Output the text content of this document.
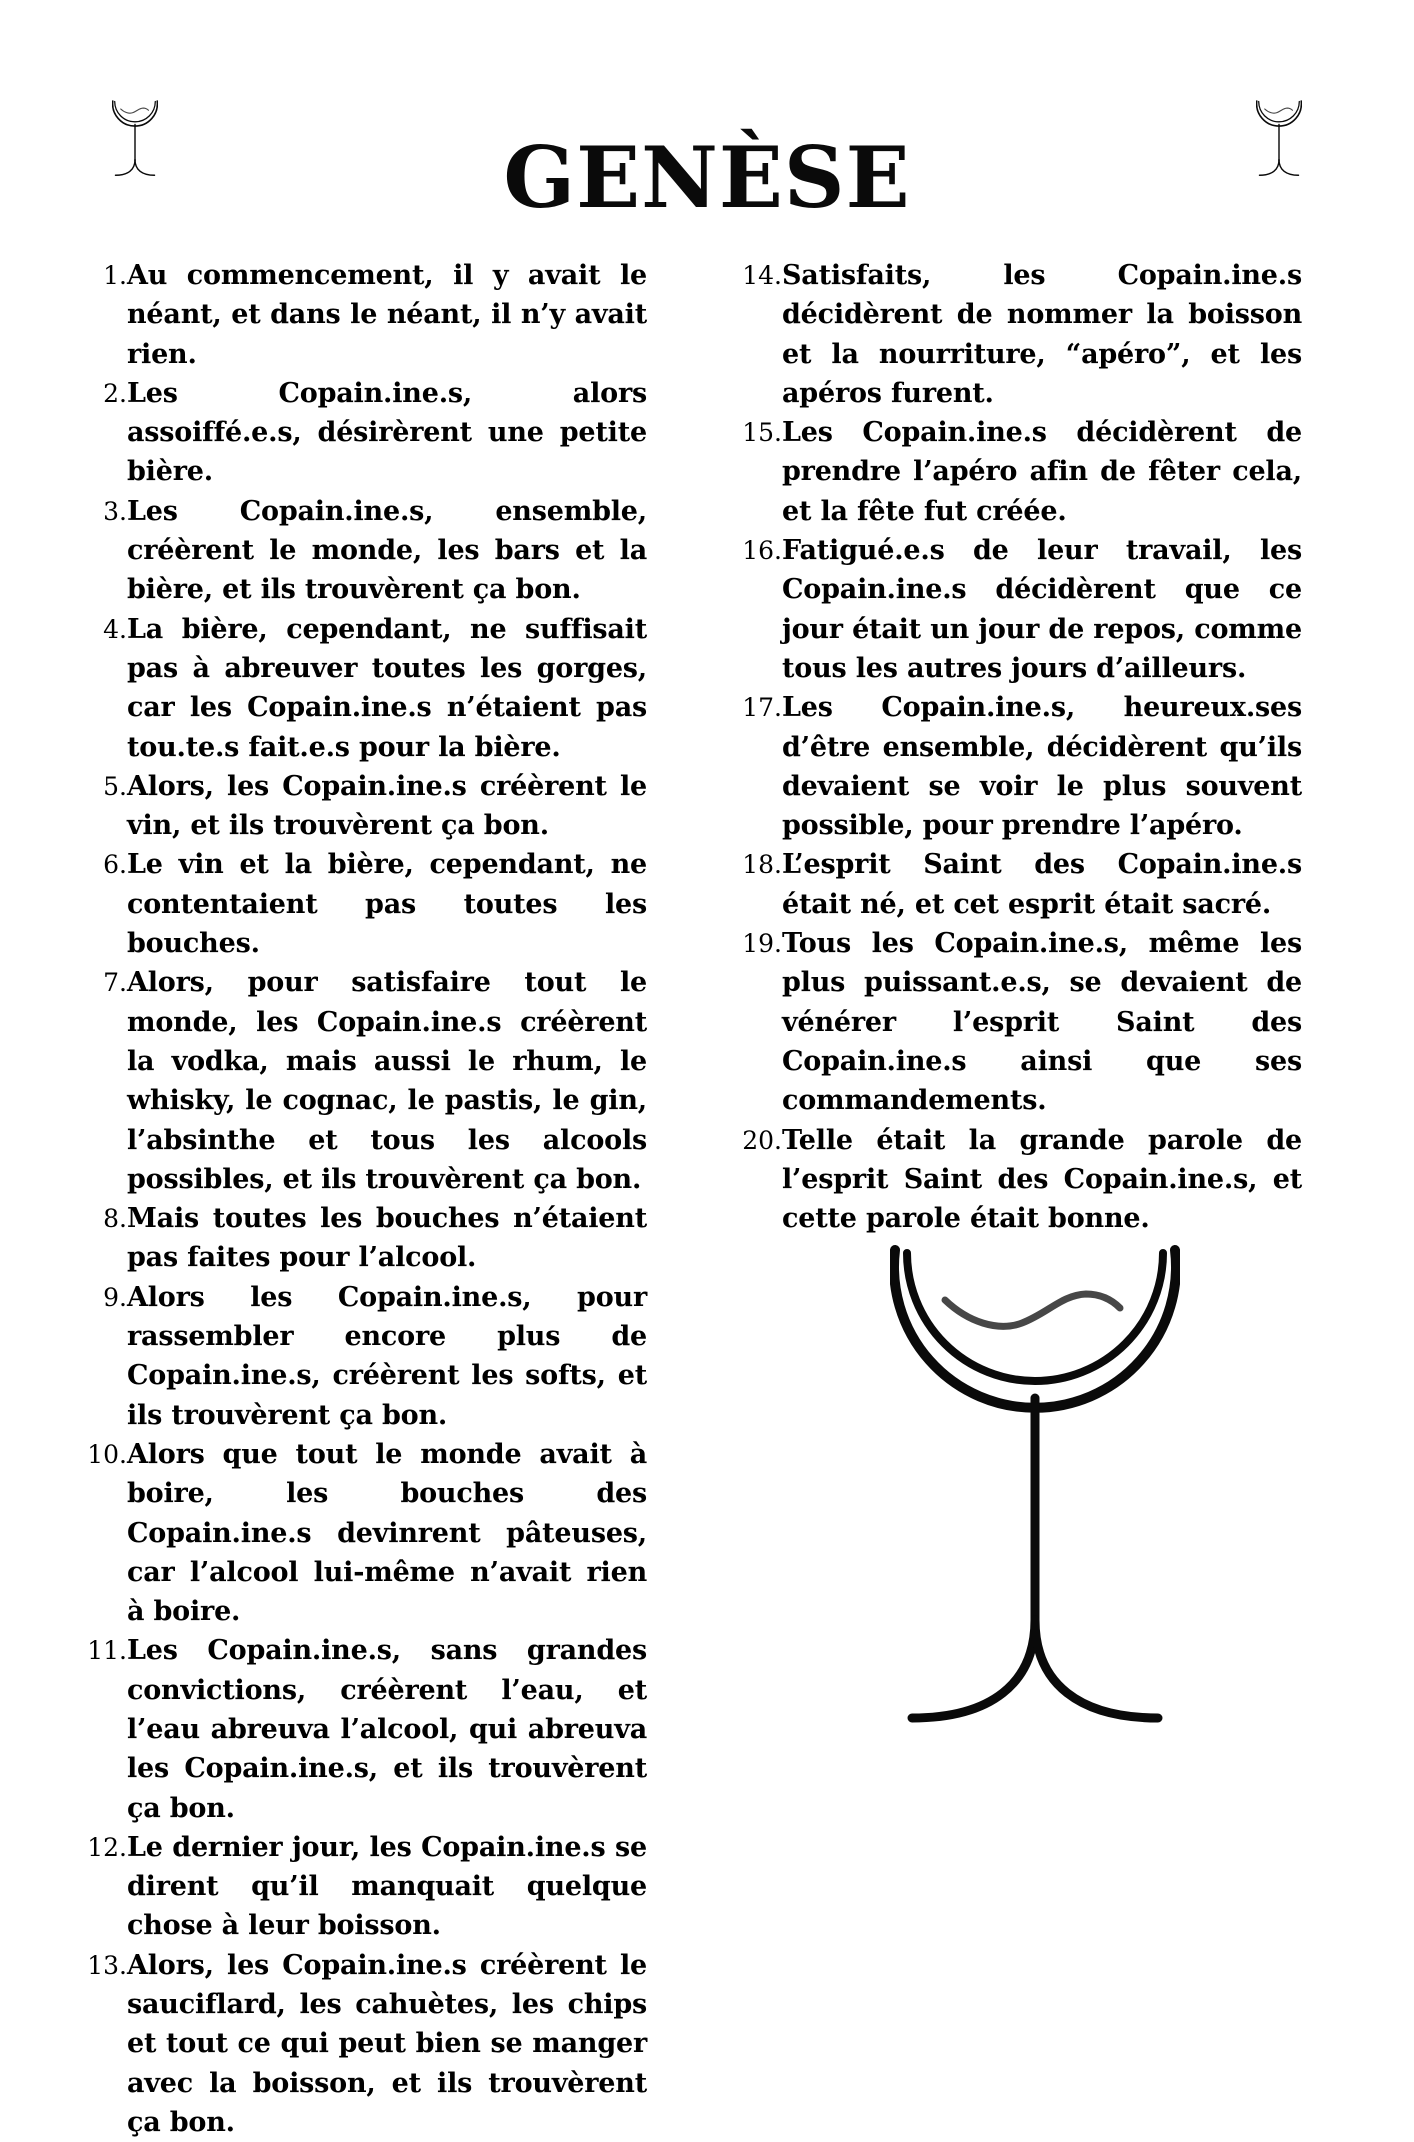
GENÈSE
1. Au commencement, il y avait le néant, et dans le néant, il n’y avait rien.
2. Les Copain.ine.s, alors assoiffé.e.s, désirèrent une petite bière.
3. Les Copain.ine.s, ensemble, créèrent le monde, les bars et la bière, et ils trouvèrent ça bon.
4. La bière, cependant, ne suffisait pas à abreuver toutes les gorges, car les Copain.ine.s n’étaient pas tou.te.s fait.e.s pour la bière.
5. Alors, les Copain.ine.s créèrent le vin, et ils trouvèrent ça bon.
6. Le vin et la bière, cependant, ne contentaient pas toutes les bouches.
7. Alors, pour satisfaire tout le monde, les Copain.ine.s créèrent la vodka, mais aussi le rhum, le whisky, le cognac, le pastis, le gin, l’absinthe et tous les alcools possibles, et ils trouvèrent ça bon.
8. Mais toutes les bouches n’étaient pas faites pour l’alcool.
9. Alors les Copain.ine.s, pour rassembler encore plus de Copain.ine.s, créèrent les softs, et ils trouvèrent ça bon.
10. Alors que tout le monde avait à boire, les bouches des Copain.ine.s devinrent pâteuses, car l’alcool lui-même n’avait rien à boire.
11. Les Copain.ine.s, sans grandes convictions, créèrent l’eau, et l’eau abreuva l’alcool, qui abreuva les Copain.ine.s, et ils trouvèrent ça bon.
12. Le dernier jour, les Copain.ine.s se dirent qu’il manquait quelque chose à leur boisson.
13. Alors, les Copain.ine.s créèrent le sauciflard, les cahuètes, les chips et tout ce qui peut bien se manger avec la boisson, et ils trouvèrent ça bon.
14. Satisfaits, les Copain.ine.s décidèrent de nommer la boisson et la nourriture, “apéro”, et les apéros furent.
15. Les Copain.ine.s décidèrent de prendre l’apéro afin de fêter cela, et la fête fut créée.
16. Fatigué.e.s de leur travail, les Copain.ine.s décidèrent que ce jour était un jour de repos, comme tous les autres jours d’ailleurs.
17. Les Copain.ine.s, heureux.ses d’être ensemble, décidèrent qu’ils devaient se voir le plus souvent possible, pour prendre l’apéro.
18. L’esprit Saint des Copain.ine.s était né, et cet esprit était sacré.
19. Tous les Copain.ine.s, même les plus puissant.e.s, se devaient de vénérer l’esprit Saint des Copain.ine.s ainsi que ses commandements.
20. Telle était la grande parole de l’esprit Saint des Copain.ine.s, et cette parole était bonne.
